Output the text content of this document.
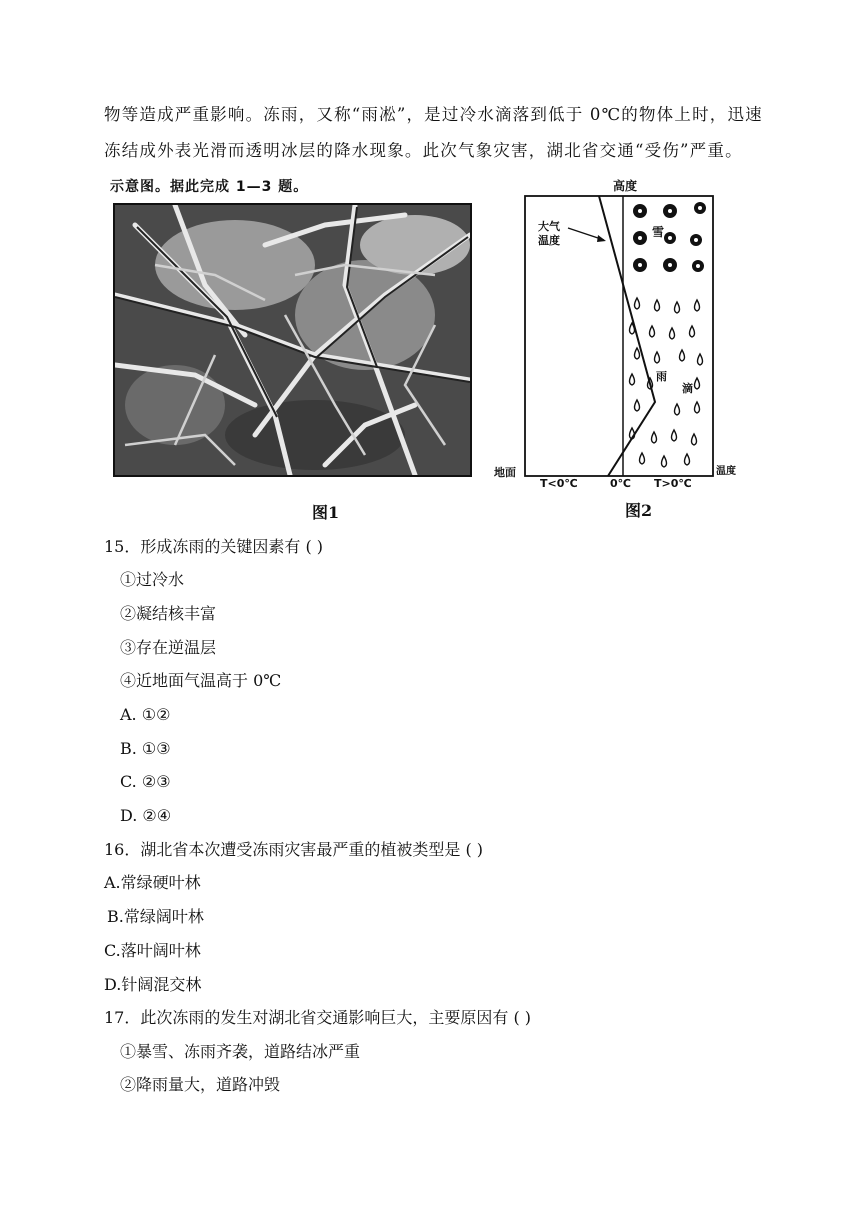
物等造成严重影响。冻雨，又称“雨凇”，是过冷水滴落到低于 0℃的物体上时，迅速
冻结成外表光滑而透明冰层的降水现象。此次气象灾害，湖北省交通“受伤”严重。
示意图。据此完成 1—3 题。
图1
高度
大气
温度
雪
雨
滴
地面
T<0℃	0℃ T>0℃
温度
图2
15．形成冻雨的关键因素有 ( )
①过冷水
②凝结核丰富
③存在逆温层
④近地面气温高于 0℃
A. ①②
B. ①③
C. ②③
D. ②④
16．湖北省本次遭受冻雨灾害最严重的植被类型是 ( )
A.常绿硬叶林
B.常绿阔叶林
C.落叶阔叶林
D.针阔混交林
17．此次冻雨的发生对湖北省交通影响巨大，主要原因有 ( )
①暴雪、冻雨齐袭，道路结冰严重
②降雨量大，道路冲毁
